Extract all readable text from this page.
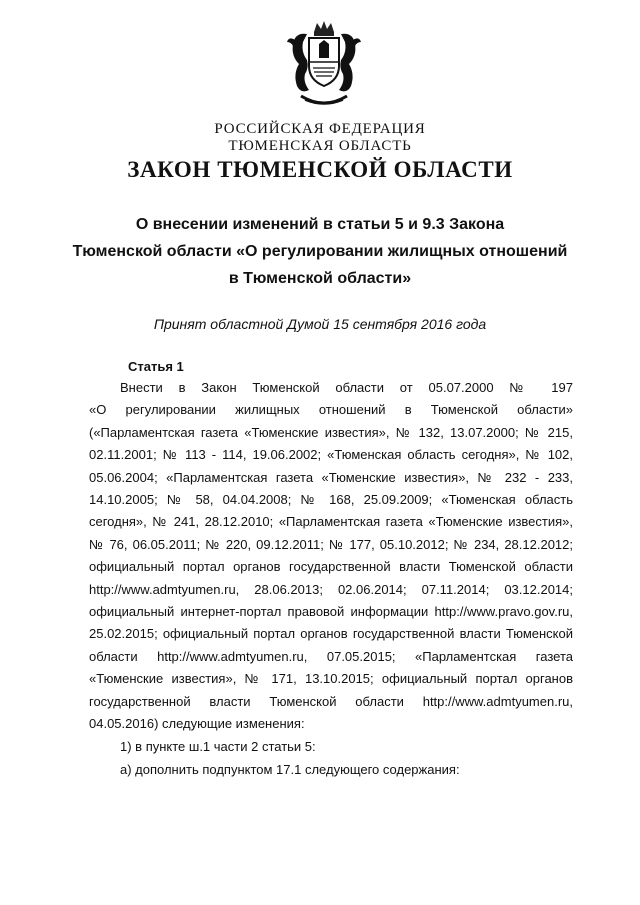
РОССИЙСКАЯ ФЕДЕРАЦИЯ
ТЮМЕНСКАЯ ОБЛАСТЬ
ЗАКОН ТЮМЕНСКОЙ ОБЛАСТИ
О внесении изменений в статьи 5 и 9.3 Закона
Тюменской области «О регулировании жилищных отношений
в Тюменской области»
Принят областной Думой 15 сентября 2016 года
Статья 1
Внести в Закон Тюменской области от 05.07.2000 № 197
«О регулировании жилищных отношений в Тюменской области»
(«Парламентская газета «Тюменские известия», № 132, 13.07.2000; № 215,
02.11.2001; № 113 - 114, 19.06.2002; «Тюменская область сегодня», № 102,
05.06.2004; «Парламентская газета «Тюменские известия», № 232 - 233,
14.10.2005; № 58, 04.04.2008; № 168, 25.09.2009; «Тюменская область
сегодня», № 241, 28.12.2010; «Парламентская газета «Тюменские известия»,
№ 76, 06.05.2011; № 220, 09.12.2011; № 177, 05.10.2012; № 234, 28.12.2012;
официальный портал органов государственной власти Тюменской области
http://www.admtyumen.ru, 28.06.2013; 02.06.2014; 07.11.2014; 03.12.2014;
официальный интернет-портал правовой информации http://www.pravo.gov.ru,
25.02.2015; официальный портал органов государственной власти Тюменской
области http://www.admtyumen.ru, 07.05.2015; «Парламентская газета
«Тюменские известия», № 171, 13.10.2015; официальный портал органов
государственной власти Тюменской области http://www.admtyumen.ru,
04.05.2016) следующие изменения:
1) в пункте ш.1 части 2 статьи 5:
а) дополнить подпунктом 17.1 следующего содержания:
